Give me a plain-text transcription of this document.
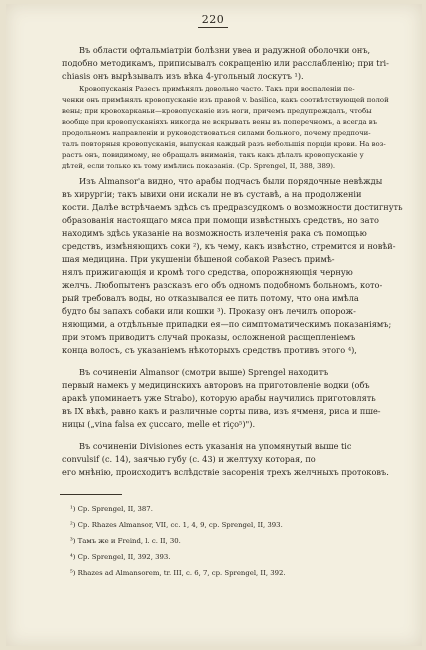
220
Въ области офтальміатріи болѣзни увеа и радужной оболочки онъ,
подобно методикамъ, приписывалъ сокращенію или расслабленію; при tri-
chiasis онъ вырѣзывалъ изъ вѣка 4-угольный лоскутъ ¹).
Кровопусканія Разесъ примѣнялъ довольно часто. Такъ при воспаленіи пе-
ченки онъ примѣнялъ кровопусканіе изъ правой v. basilica, какъ соотвѣтствующей полой
вены; при кровохарканьи—кровопусканіе изъ ноги, причемъ предупреждалъ, чтобы
вообще при кровопусканіяхъ никогда не вскрывать вены въ поперечномъ, а всегда въ
продольномъ направленіи и руководствоваться силами больного, почему предпочи-
талъ повторныя кровопусканія, выпуская каждый разъ небольшія порціи крови. На воз-
растъ онъ, повидимому, не обращалъ вниманія, такъ какъ дѣлалъ кровопусканіе у
дѣтей, если только къ тому имѣлись показанія. (Cp. Sprengel, II, 388, 389).
Изъ Almansor'а видно, что арабы подчасъ были порядочные невѣжды
въ хирургіи; такъ ывихи они искали не въ суставѣ, а на продолженіи
кости. Далѣе встрѣчаемъ здѣсь съ предразсудкомъ о возможности достигнуть
образованія настоящаго мяса при помощи извѣстныхъ средствъ, но зато
находимъ здѣсь указаніе на возможность излеченія рака съ помощью
средствъ, измѣняющихъ соки ²), къ чему, какъ извѣстно, стремится и новѣй-
шая медицина. При укушеніи бѣшеной собакой Разесъ примѣ-
нялъ прижигающія и кромѣ того средства, опорожняющія черную
желчь. Любопытенъ разсказъ его объ одномъ подобномъ больномъ, кото-
рый требовалъ воды, но отказывался ее пить потому, что она имѣла
будто бы запахъ собаки или кошки ³). Проказу онъ лечилъ опорож-
няющими, а отдѣльные припадки ея—по симптоматическимъ показаніямъ;
при этомъ приводитъ случай проказы, осложненой расщепленіемъ
конца волосъ, съ указаніемъ нѣкоторыхъ средствъ противъ этого ⁴),
Въ сочиненіи Almansor (смотри выше) Sprengel находитъ
первый намекъ у медицинскихъ авторовъ на приготовленіе водки (объ
аракѣ упоминаетъ уже Strabo), которую арабы научились приготовлять
въ IX вѣкѣ, равно какъ и различные сорты пива, изъ ячменя, риса и пше-
ницы („vina falsa ex çuccaro, melle et riço⁵)").
Въ сочиненіи Divisiones есть указанія на упомянутый выше tic
convulsif (c. 14), заячью губу (c. 43) и желтуху которая, по
его мнѣнію, происходитъ вслѣдствіе засоренія трехъ желчныхъ протоковъ.
¹) Cp. Sprengel, II, 387.
²) Cp. Rhazes Almansor, VII, cc. 1, 4, 9, cp. Sprengel, II, 393.
³) Тамъ же и Freind, l. c. II, 30.
⁴) Cp. Sprengel, II, 392, 393.
⁵) Rhazes ad Almansorem, tr. III, c. 6, 7, cp. Sprengel, II, 392.
